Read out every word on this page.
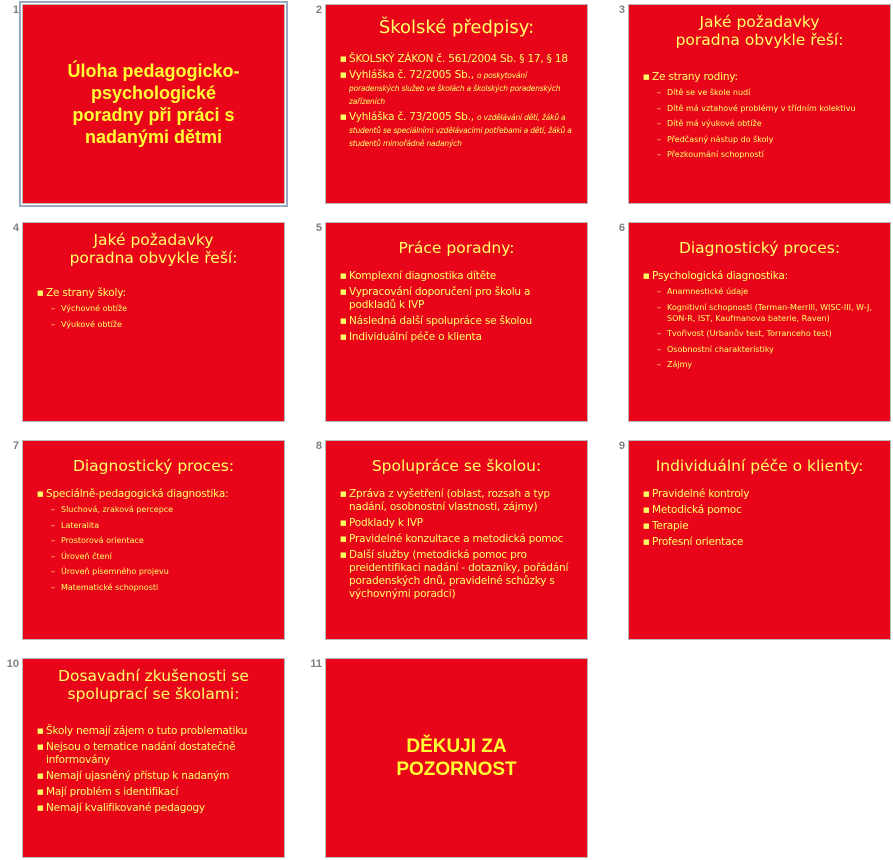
1
Úloha pedagogicko-psychologické poradny při práci s nadanými dětmi
2
Školské předpisy:
■ ŠKOLSKÝ ZÁKON č. 561/2004 Sb. § 17, § 18
■ Vyhláška č. 72/2005 Sb., o poskytování poradenských služeb ve školách a školských poradenských zařízeních
■ Vyhláška č. 73/2005 Sb., o vzdělávání dětí, žáků a studentů se speciálními vzdělávacími potřebami a dětí, žáků a studentů mimořádně nadaných
3
Jaké požadavky poradna obvykle řeší:
■ Ze strany rodiny:
– Dítě se ve škole nudí
– Dítě má vztahové problémy v třídním kolektivu
– Dítě má výukové obtíže
– Předčasný nástup do školy
– Přezkoumání schopností
4
Jaké požadavky poradna obvykle řeší:
■ Ze strany školy:
– Výchovné obtíže
– Výukové obtíže
5
Práce poradny:
■ Komplexní diagnostika dítěte
■ Vypracování doporučení pro školu a podkladů k IVP
■ Následná další spolupráce se školou
■ Individuální péče o klienta
6
Diagnostický proces:
■ Psychologická diagnostika:
– Anamnestické údaje
– Kognitivní schopnosti (Terman-Merrill, WISC-III, W-J, SON-R, IST, Kaufmanova baterie, Raven)
– Tvořivost (Urbanův test, Torranceho test)
– Osobnostní charakteristiky
– Zájmy
7
Diagnostický proces:
■ Speciálně-pedagogická diagnostika:
– Sluchová, zraková percepce
– Lateralita
– Prostorová orientace
– Úroveň čtení
– Úroveň písemného projevu
– Matematické schopnosti
8
Spolupráce se školou:
■ Zpráva z vyšetření (oblast, rozsah a typ nadání, osobnostní vlastnosti, zájmy)
■ Podklady k IVP
■ Pravidelné konzultace a metodická pomoc
■ Další služby (metodická pomoc pro preidentifikaci nadání - dotazníky, pořádání poradenských dnů, pravidelné schůzky s výchovnými poradci)
9
Individuální péče o klienty:
■ Pravidelné kontroly
■ Metodická pomoc
■ Terapie
■ Profesní orientace
10
Dosavadní zkušenosti se spoluprací se školami:
■ Školy nemají zájem o tuto problematiku
■ Nejsou o tematice nadání dostatečně informovány
■ Nemají ujasněný přístup k nadaným
■ Mají problém s identifikací
■ Nemají kvalifikované pedagogy
11
DĚKUJI ZA POZORNOST
